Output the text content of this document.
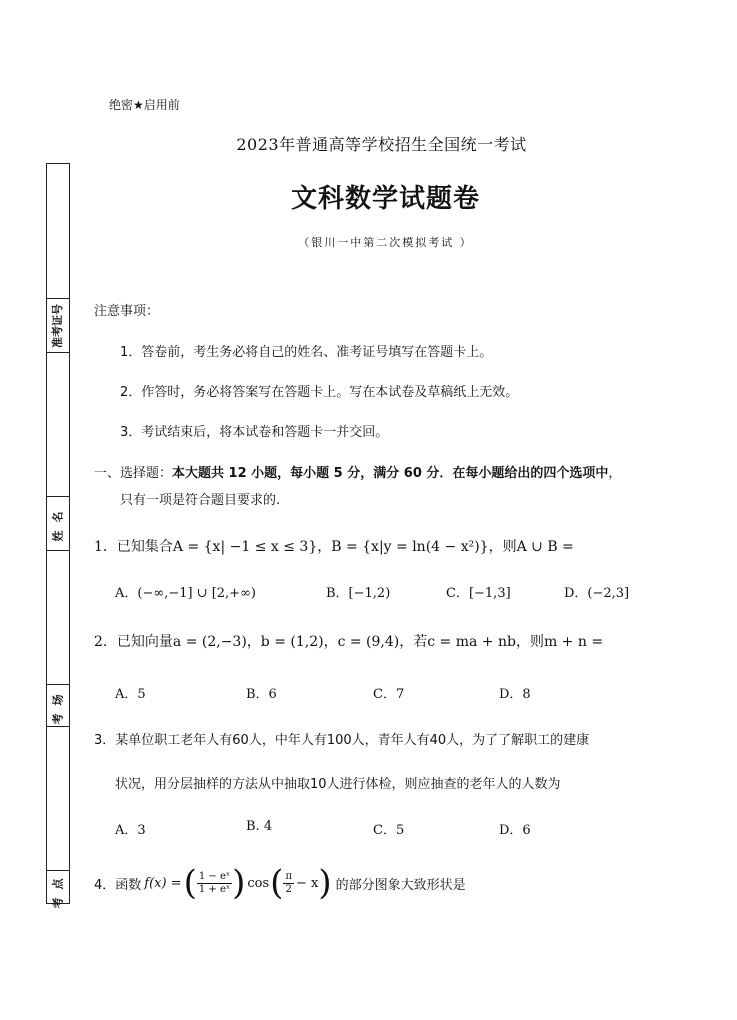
绝密★启用前
2023年普通高等学校招生全国统一考试
文科数学试题卷
（银川一中第二次模拟考试 ）
准考证号
姓名
考场
考点
注意事项：
1．答卷前，考生务必将自己的姓名、准考证号填写在答题卡上。
2．作答时，务必将答案写在答题卡上。写在本试卷及草稿纸上无效。
3．考试结束后，将本试卷和答题卡一并交回。
一、选择题：本大题共 12 小题，每小题 5 分，满分 60 分．在每小题给出的四个选项中，
只有一项是符合题目要求的.
1．已知集合A = {x| −1 ≤ x ≤ 3}，B = {x|y = ln(4 − x²)}，则A ∪ B =
A．(−∞,−1] ∪ [2,+∞)	B．[−1,2)	C．[−1,3]	D．(−2,3]
2．已知向量a = (2,−3)，b = (1,2)，c = (9,4)，若c = ma + nb，则m + n =
A．5	B．6	C．7	D．8
3．某单位职工老年人有60人，中年人有100人，青年人有40人，为了了解职工的建康
状况，用分层抽样的方法从中抽取10人进行体检，则应抽查的老年人的人数为
A．3	B. 4	C．5	D．6
4．函数 f(x) = ( $\frac{\text{1 − eˣ}}{\text{1 + eˣ}}$ ) cos ( $\frac{\pi}{2} - x$ ) 的部分图象大致形状是
